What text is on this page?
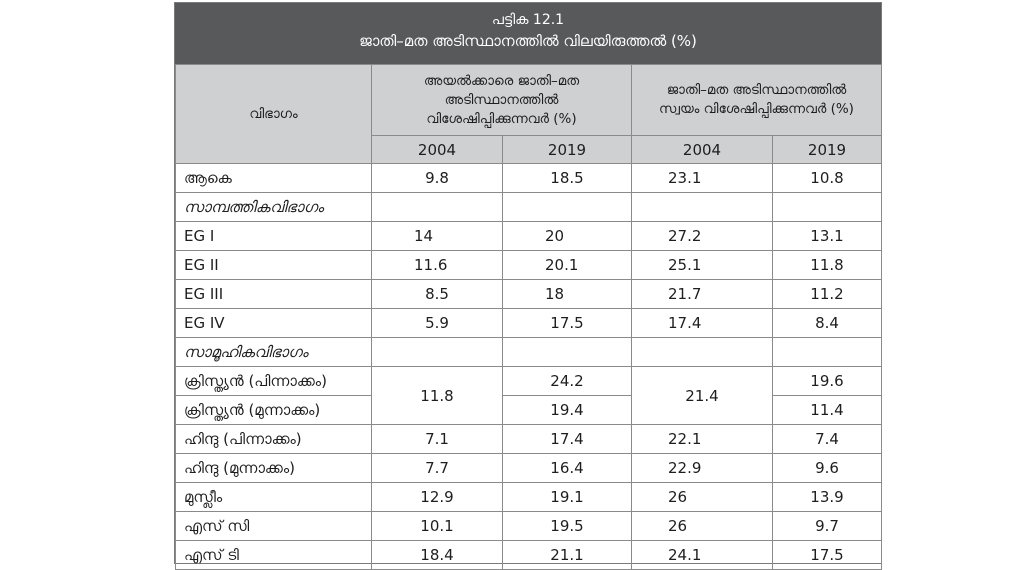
പട്ടിക 12.1
ജാതി–മത അടിസ്ഥാനത്തിൽ വിലയിരുത്തൽ (%)
വിഭാഗം	അയൽക്കാരെ ജാതി–മത അടിസ്ഥാനത്തിൽ വിശേഷിപ്പിക്കുന്നവർ (%)		ജാതി–മത അടിസ്ഥാനത്തിൽ സ്വയം വിശേഷിപ്പിക്കുന്നവർ (%)	
	2004	2019	2004	2019
ആകെ	9.8	18.5	23.1	10.8
സാമ്പത്തികവിഭാഗം				
EG I	14	20	27.2	13.1
EG II	11.6	20.1	25.1	11.8
EG III	8.5	18	21.7	11.2
EG IV	5.9	17.5	17.4	8.4
സാമൂഹികവിഭാഗം				
ക്രിസ്ത്യൻ (പിന്നാക്കം)	11.8	24.2	21.4	19.6
ക്രിസ്ത്യൻ (മുന്നാക്കം)		19.4		11.4
ഹിന്ദു (പിന്നാക്കം)	7.1	17.4	22.1	7.4
ഹിന്ദു (മുന്നാക്കം)	7.7	16.4	22.9	9.6
മുസ്ലീം	12.9	19.1	26	13.9
എസ് സി	10.1	19.5	26	9.7
എസ് ടി	18.4	21.1	24.1	17.5
